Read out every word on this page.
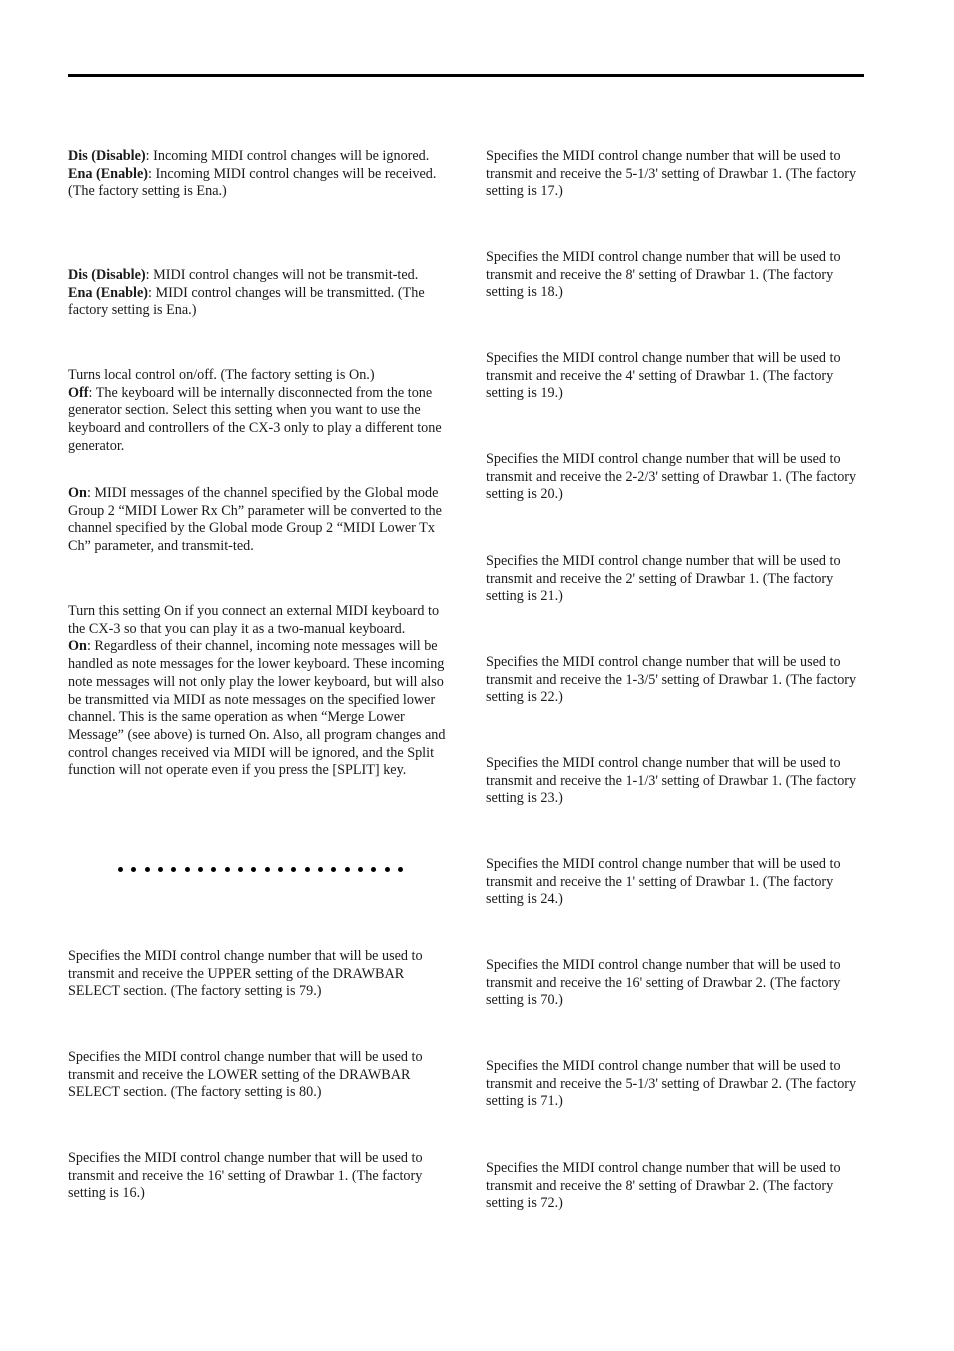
Dis (Disable): Incoming MIDI control changes will be ignored.

Ena (Enable): Incoming MIDI control changes will be received. (The factory setting is Ena.)

Dis (Disable): MIDI control changes will not be transmit-ted.

Ena (Enable): MIDI control changes will be transmitted. (The factory setting is Ena.)

Turns local control on/off. (The factory setting is On.)

Off: The keyboard will be internally disconnected from the tone generator section. Select this setting when you want to use the keyboard and controllers of the CX-3 only to play a different tone generator.

On: MIDI messages of the channel specified by the Global mode Group 2 “MIDI Lower Rx Ch” parameter will be converted to the channel specified by the Global mode Group 2 “MIDI Lower Tx Ch” parameter, and transmit-ted.

Turn this setting On if you connect an external MIDI keyboard to the CX-3 so that you can play it as a two-manual keyboard.

On: Regardless of their channel, incoming note messages will be handled as note messages for the lower keyboard. These incoming note messages will not only play the lower keyboard, but will also be transmitted via MIDI as note messages on the specified lower channel. This is the same operation as when “Merge Lower Message” (see above) is turned On. Also, all program changes and control changes received via MIDI will be ignored, and the Split function will not operate even if you press the [SPLIT] key.

Specifies the MIDI control change number that will be used to transmit and receive the UPPER setting of the DRAWBAR SELECT section. (The factory setting is 79.)

Specifies the MIDI control change number that will be used to transmit and receive the LOWER setting of the DRAWBAR SELECT section. (The factory setting is 80.)

Specifies the MIDI control change number that will be used to transmit and receive the 16' setting of Drawbar 1. (The factory setting is 16.)

Specifies the MIDI control change number that will be used to transmit and receive the 5-1/3' setting of Drawbar 1. (The factory setting is 17.)

Specifies the MIDI control change number that will be used to transmit and receive the 8' setting of Drawbar 1. (The factory setting is 18.)

Specifies the MIDI control change number that will be used to transmit and receive the 4' setting of Drawbar 1. (The factory setting is 19.)

Specifies the MIDI control change number that will be used to transmit and receive the 2-2/3' setting of Drawbar 1. (The factory setting is 20.)

Specifies the MIDI control change number that will be used to transmit and receive the 2' setting of Drawbar 1. (The factory setting is 21.)

Specifies the MIDI control change number that will be used to transmit and receive the 1-3/5' setting of Drawbar 1. (The factory setting is 22.)

Specifies the MIDI control change number that will be used to transmit and receive the 1-1/3' setting of Drawbar 1. (The factory setting is 23.)

Specifies the MIDI control change number that will be used to transmit and receive the 1' setting of Drawbar 1. (The factory setting is 24.)

Specifies the MIDI control change number that will be used to transmit and receive the 16' setting of Drawbar 2. (The factory setting is 70.)

Specifies the MIDI control change number that will be used to transmit and receive the 5-1/3' setting of Drawbar 2. (The factory setting is 71.)

Specifies the MIDI control change number that will be used to transmit and receive the 8' setting of Drawbar 2. (The factory setting is 72.)
